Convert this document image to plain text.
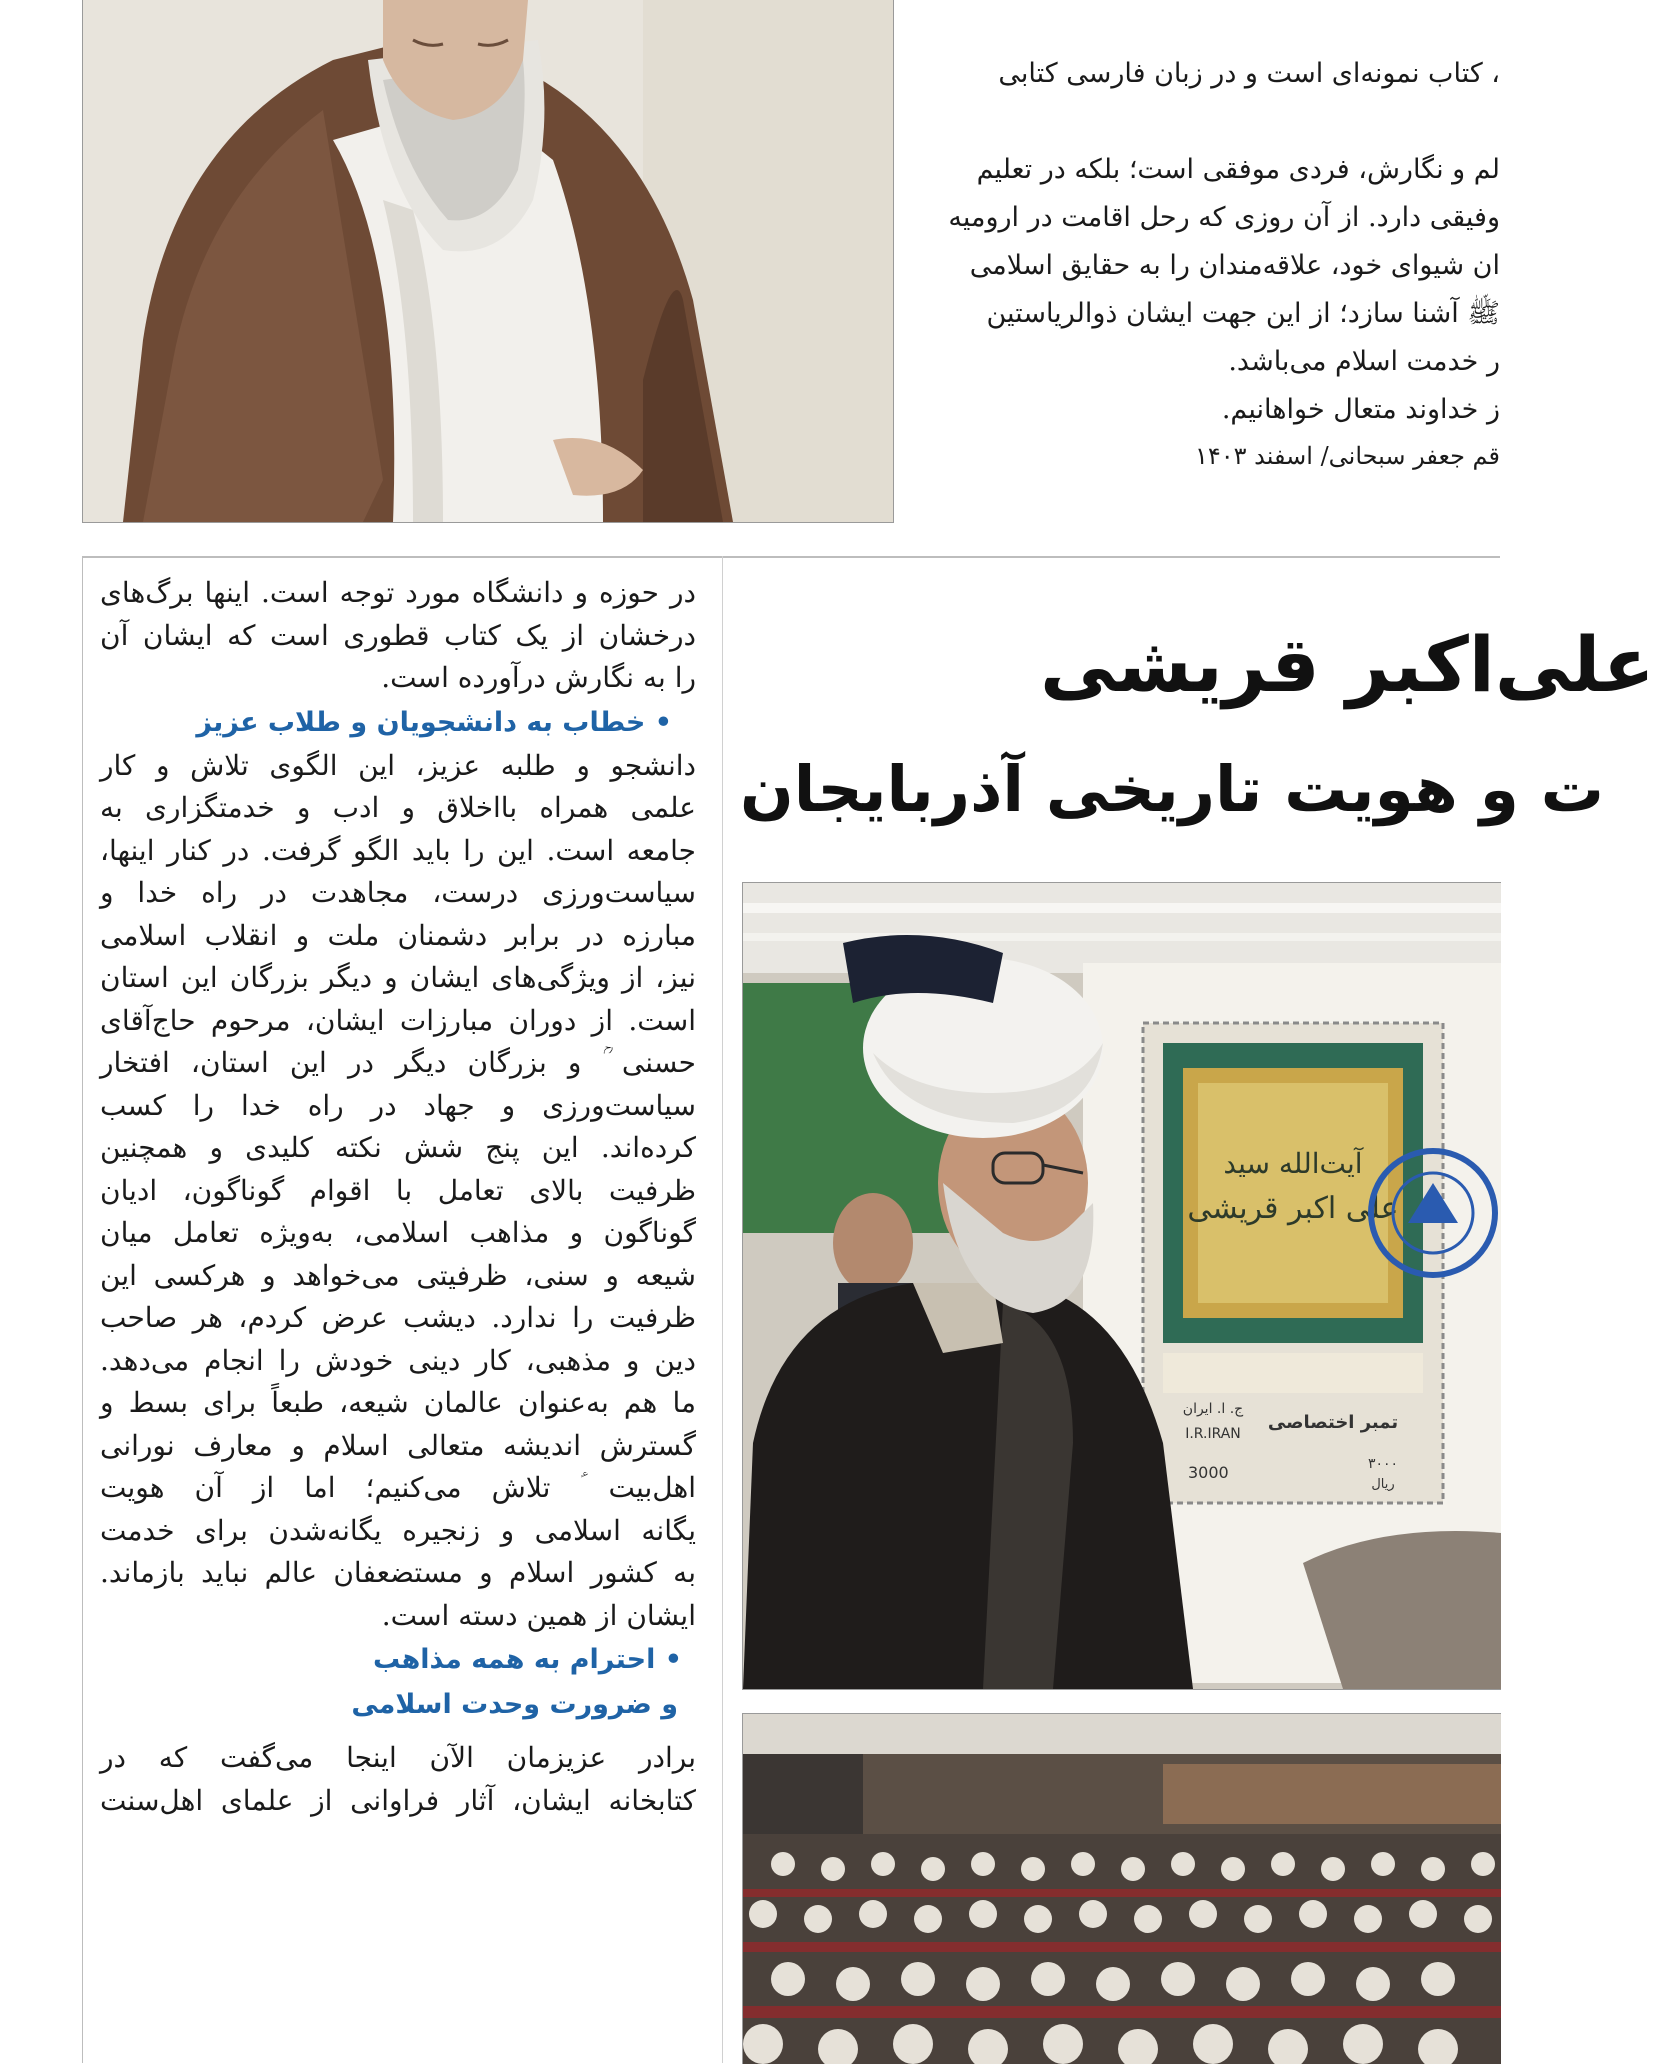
، کتاب نمونه‌ای است و در زبان فارسی کتابی
لم و نگارش، فردی موفقی است؛ بلکه در تعلیم
وفیقی دارد. از آن روزی که رحل اقامت در ارومیه
ان شیوای خود، علاقه‌مندان را به حقایق اسلامی
ﷺ آشنا سازد؛ از این جهت ایشان ذوالریاستین
ر خدمت اسلام می‌باشد.
ز خداوند متعال خواهانیم.
قم جعفر سبحانی/ اسفند ۱۴۰۳
در حوزه و دانشگاه مورد توجه است. اینها برگ‌های
درخشان از یک کتاب قطوری است که ایشان آن
را به نگارش درآورده است.
• خطاب به دانشجویان و طلاب عزیز
دانشجو و طلبه عزیز، این الگوی تلاش و کار
علمی همراه بااخلاق و ادب و خدمتگزاری به
جامعه است. این را باید الگو گرفت. در کنار اینها،
سیاست‌ورزی درست، مجاهدت در راه خدا و
مبارزه در برابر دشمنان ملت و انقلاب اسلامی
نیز، از ویژگی‌های ایشان و دیگر بزرگان این استان
است. از دوران مبارزات ایشان، مرحوم حاج‌آقای
حسنی ؒ و بزرگان دیگر در این استان، افتخار
سیاست‌ورزی و جهاد در راه خدا را کسب
کرده‌اند. این پنج شش نکته کلیدی و همچنین
ظرفیت بالای تعامل با اقوام گوناگون، ادیان
گوناگون و مذاهب اسلامی، به‌ویژه تعامل میان
شیعه و سنی، ظرفیتی می‌خواهد و هرکسی این
ظرفیت را ندارد. دیشب عرض کردم، هر صاحب
دین و مذهبی، کار دینی خودش را انجام می‌دهد.
ما هم به‌عنوان عالمان شیعه، طبعاً برای بسط و
گسترش اندیشه متعالی اسلام و معارف نورانی
اهل‌بیت ؑ تلاش می‌کنیم؛ اما از آن هویت
یگانه اسلامی و زنجیره یگانه‌شدن برای خدمت
به کشور اسلام و مستضعفان عالم نباید بازماند.
ایشان از همین دسته است.
• احترام به همه مذاهب
و ضرورت وحدت اسلامی
برادر عزیزمان الآن اینجا می‌گفت که در
کتابخانه ایشان، آثار فراوانی از علمای اهل‌سنت
علی‌اکبر قریشی
ت و هویت تاریخی آذربایجان
آیت‌الله سید
علی اکبر قریشی
تمبر اختصاصی
ج. ا. ایران
I.R.IRAN
3000	۳۰۰۰
ریال
